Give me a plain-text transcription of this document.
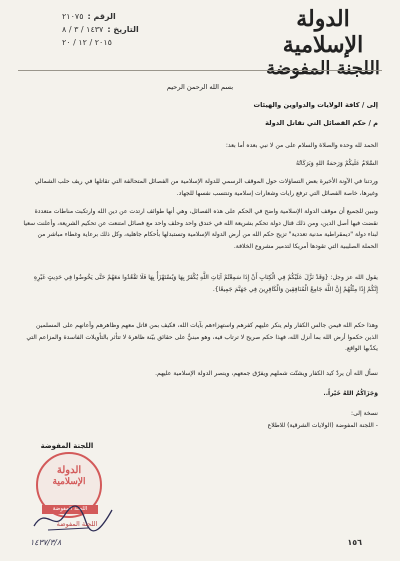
الدولة الإسلامية
اللجنة المفوضة
الرقم :
٢١٠٧٥
التاريخ :
١٤٣٧ / ٣ / ٨
٢٠١٥ / ١٢ / ٢٠
بسم الله الرحمن الرحيم
إلى / كافة الولايات والدواوين والهيئات
م / حكم الفصائل التي تقاتل الدولة
الحمد لله وحده والصلاة والسلام على من لا نبي بعده أما بعد:
السَّلامُ عَلَيكُمْ وَرَحمَةُ اللهِ وَبَرَكَاتُهُ
وردتنا في الآونة الأخيرة بعض التساؤلات حول الموقف الرسمي للدولة الإسلامية من الفصائل المتحالفة التي تقاتلها في ريف حلب الشمالي وغيرها، خاصة الفصائل التي ترفع رايات وشعارات إسلامية وتنتسب نفسها للجهاد.
ونبين للجميع أن موقف الدولة الإسلامية واضح في الحكم على هذه الفصائل، وهي أنها طوائف ارتدت عن دين الله وارتكبت مناطات متعددة نقضت فيها أصل الدين، ومن ذلك قتال دولة تحكم بشريعة الله في خندق واحد وحلف واحد مع فصائل امتنعت عن تحكيم الشريعة، وأعلنت سعيا لبناء دولة "ديمقراطية مدنية تعددية" تزيح حكم الله من أرض الدولة الإسلامية وتستبدلها بأحكام جاهلية، وكل ذلك برعاية وغطاء مباشر من الحملة الصليبية التي تقودها أمريكا لتدمير مشروع الخلافة.
يقول الله عز وجل: {وَقَدْ نَزَّلَ عَلَيْكُمْ فِي الْكِتَابِ أَنْ إِذَا سَمِعْتُمْ آيَاتِ اللَّهِ يُكْفَرُ بِهَا وَيُسْتَهْزَأُ بِهَا فَلَا تَقْعُدُوا مَعَهُمْ حَتَّى يَخُوضُوا فِي حَدِيثٍ غَيْرِهِ إِنَّكُمْ إِذًا مِثْلُهُمْ إِنَّ اللَّهَ جَامِعُ الْمُنَافِقِينَ وَالْكَافِرِينَ فِي جَهَنَّمَ جَمِيعًا}.
وهذا حكم الله فيمن جالس الكفار ولم ينكر عليهم كفرهم واستهزاءهم بآيات الله، فكيف بمن قاتل معهم وظاهرهم وأعانهم على المسلمين الذين حكموا أرض الله بما أنزل الله، فهذا حكم صريح لا ترتاب فيه، وهو مبنيٌّ على حقائق بيّنة ظاهرة لا تتأثر بالتأويلات الفاسدة والمزاعم التي يكذّبها الواقع.
نسأل الله أن يردّ كيد الكفار ويشتّت شملهم ويفرّق جمعهم، وينصر الدولة الإسلامية عليهم.
وَجَزَاكُمُ اللهُ خَيْراً..
نسخة إلى:
- اللجنة المفوضة (الولايات الشرقية) للاطلاع
اللجنة المفوضة
الدولة
الإسلامية
اللجنة المفوضة
اللجنة المفوضة
١٤٣٧/٣/٨	١٥٦
